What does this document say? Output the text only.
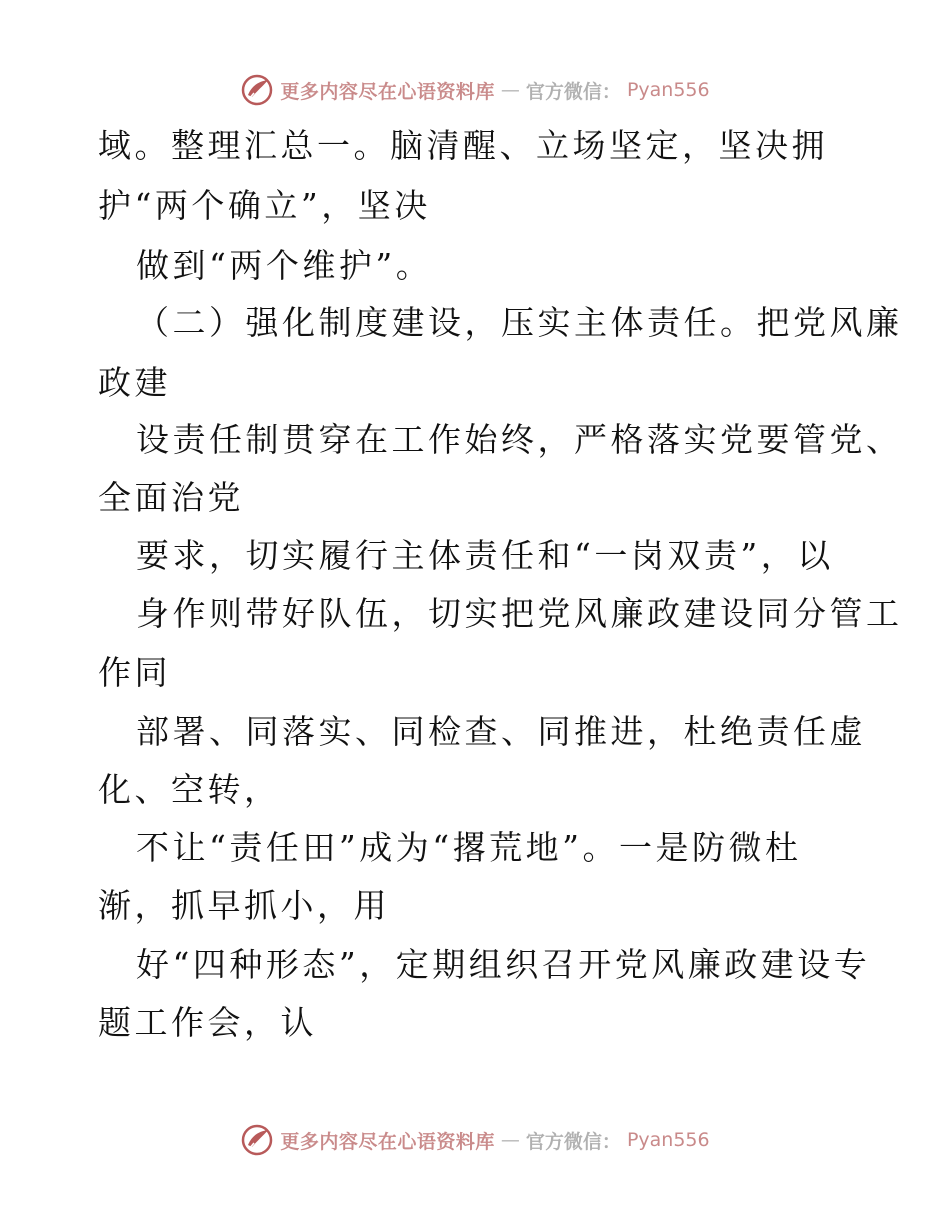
更多内容尽在心语资料库 — 官方微信： Pyan556
域。整理汇总一。脑清醒、立场坚定，坚决拥
护“两个确立”，坚决
做到“两个维护”。
（二）强化制度建设，压实主体责任。把党风廉
政建
设责任制贯穿在工作始终，严格落实党要管党、
全面治党
要求，切实履行主体责任和“一岗双责”，以
身作则带好队伍，切实把党风廉政建设同分管工
作同
部署、同落实、同检查、同推进，杜绝责任虚
化、空转，
不让“责任田”成为“撂荒地”。一是防微杜
渐，抓早抓小，用
好“四种形态”，定期组织召开党风廉政建设专
题工作会，认
更多内容尽在心语资料库 — 官方微信： Pyan556
